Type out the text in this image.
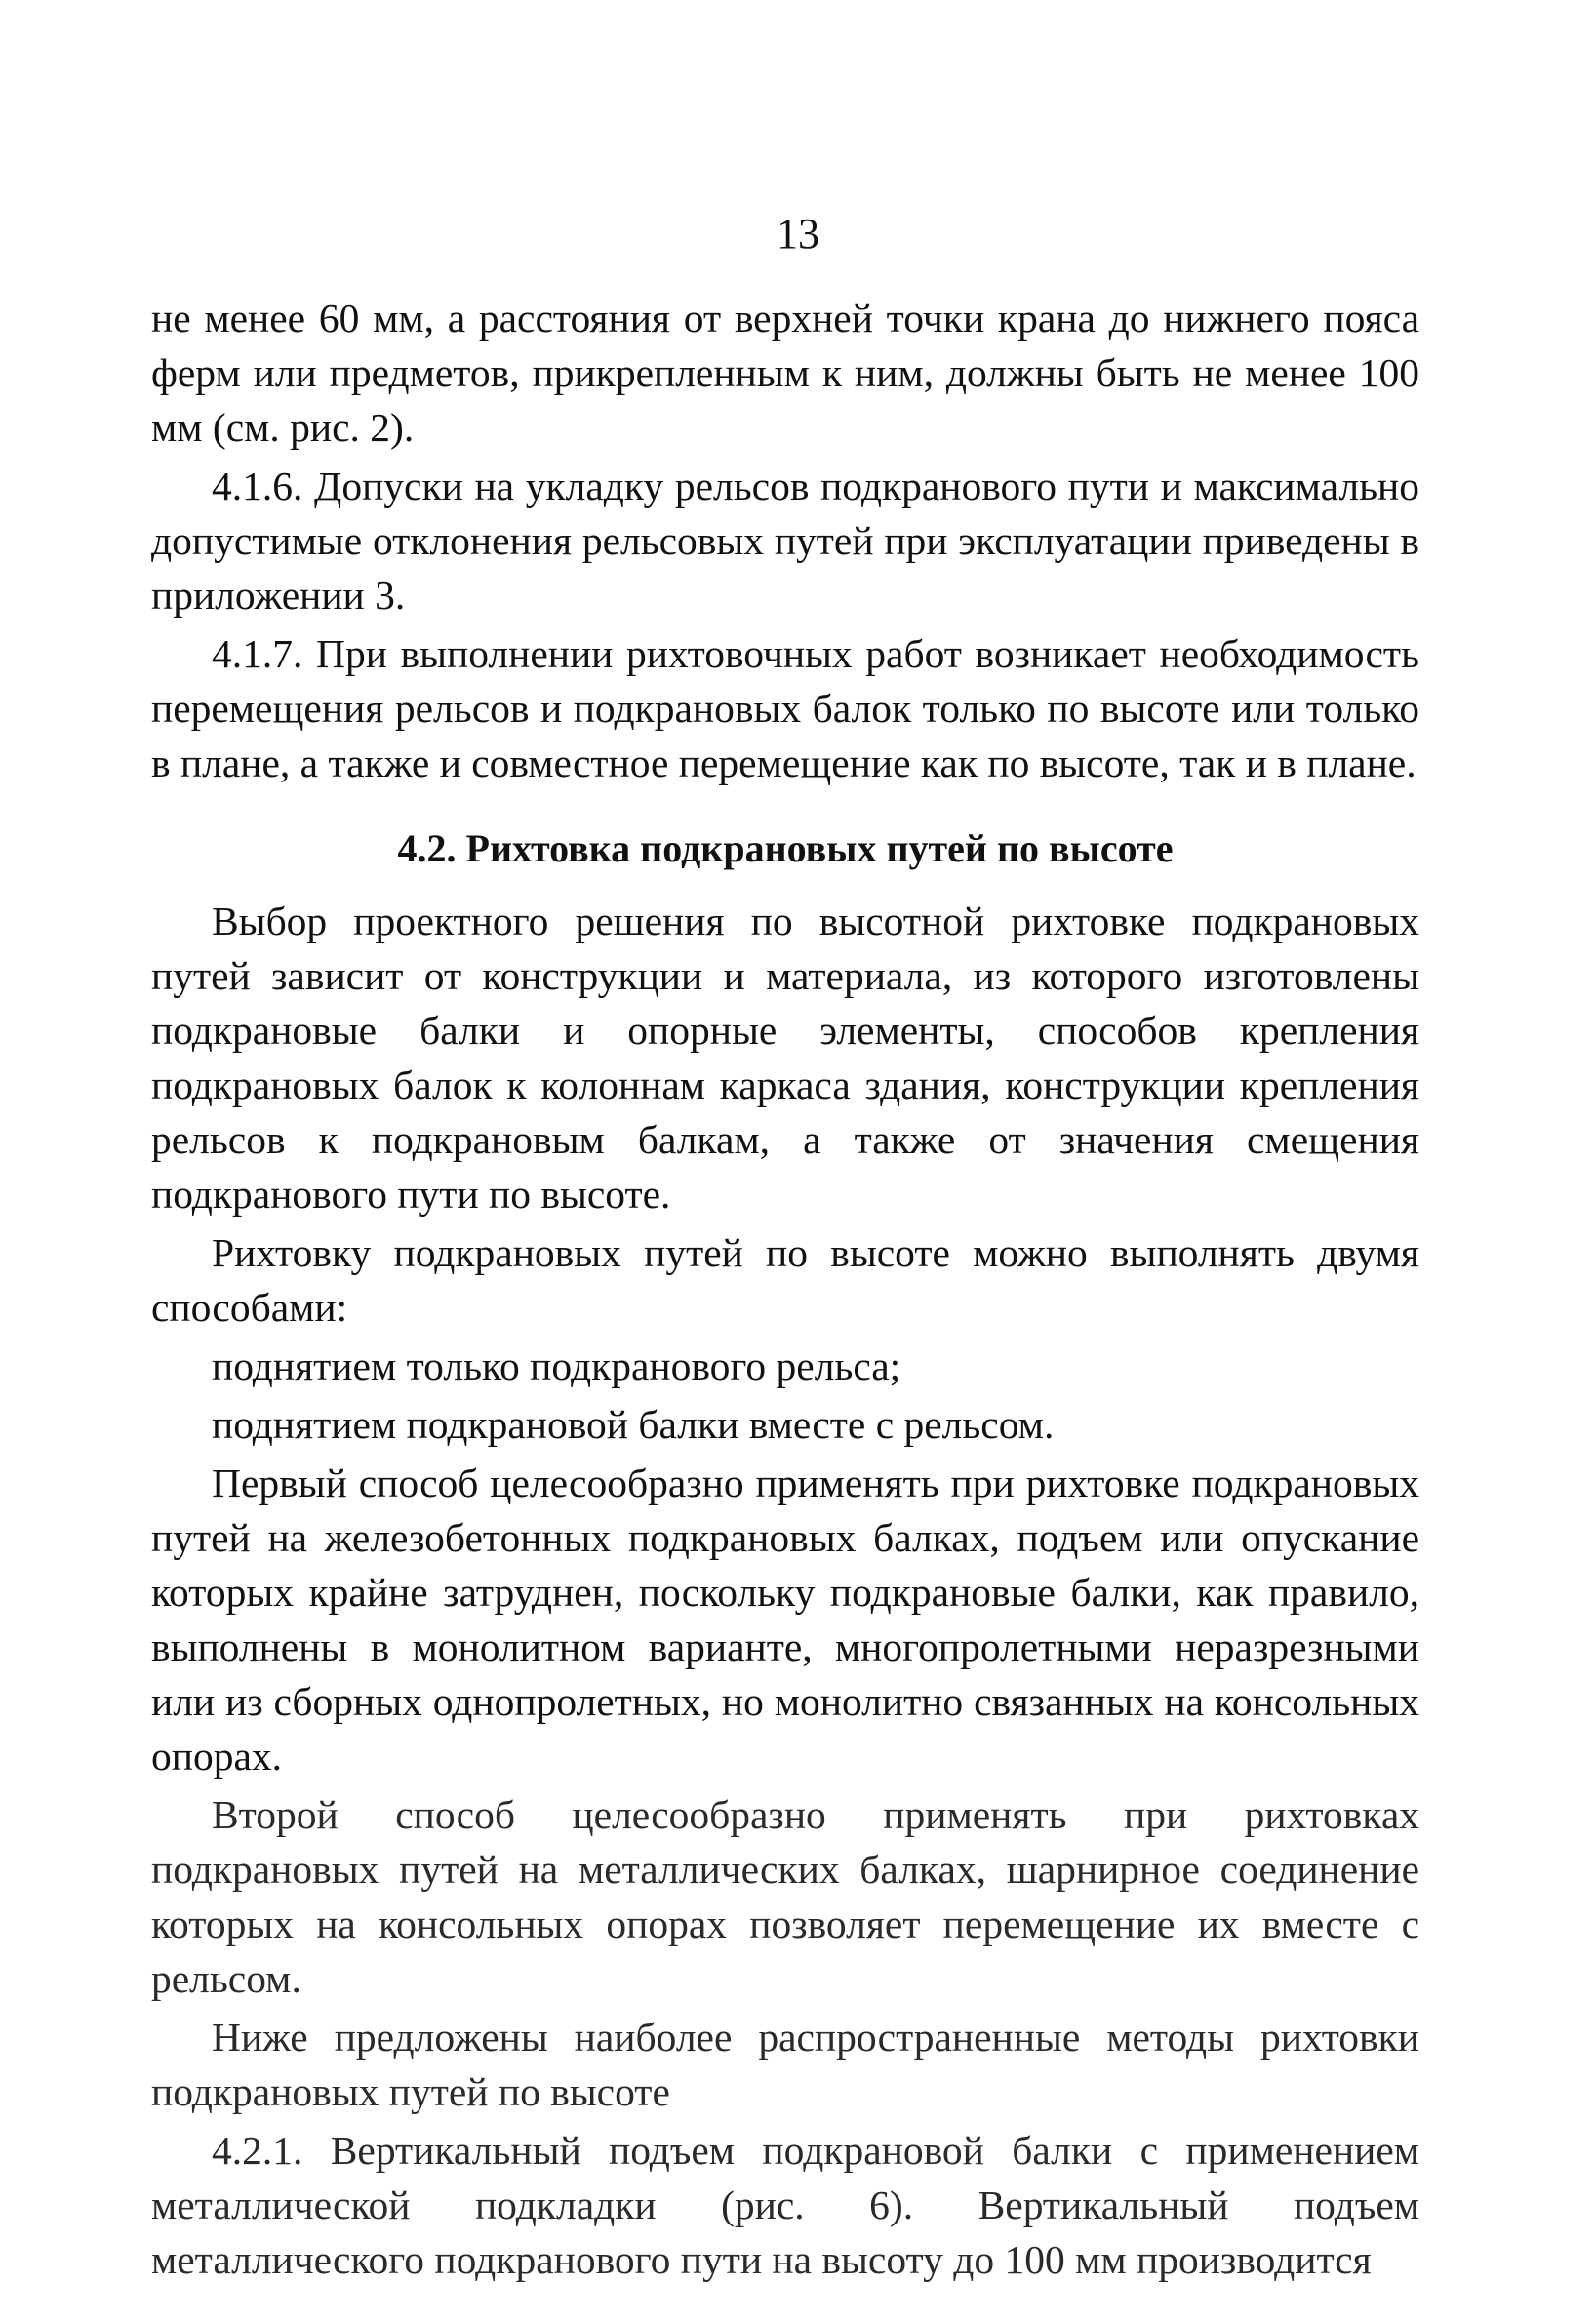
13

не менее 60 мм, а расстояния от верхней точки крана до нижнего пояса ферм или предметов, прикрепленным к ним, должны быть не менее 100 мм (см. рис. 2).

4.1.6. Допуски на укладку рельсов подкранового пути и максимально допустимые отклонения рельсовых путей при эксплуатации приведены в приложении 3.

4.1.7. При выполнении рихтовочных работ возникает необходимость перемещения рельсов и подкрановых балок только по высоте или только в плане, а также и совместное перемещение как по высоте, так и в плане.

4.2. Рихтовка подкрановых путей по высоте

Выбор проектного решения по высотной рихтовке подкрановых путей зависит от конструкции и материала, из которого изготовлены подкрановые балки и опорные элементы, способов крепления подкрановых балок к колоннам каркаса здания, конструкции крепления рельсов к подкрановым балкам, а также от значения смещения подкранового пути по высоте.

Рихтовку подкрановых путей по высоте можно выполнять двумя способами:

поднятием только подкранового рельса;
поднятием подкрановой балки вместе с рельсом.

Первый способ целесообразно применять при рихтовке подкрановых путей на железобетонных подкрановых балках, подъем или опускание которых крайне затруднен, поскольку подкрановые балки, как правило, выполнены в монолитном варианте, многопролетными неразрезными или из сборных однопролетных, но монолитно связанных на консольных опорах.

Второй способ целесообразно применять при рихтовках подкрановых путей на металлических балках, шарнирное соединение которых на консольных опорах позволяет перемещение их вместе с рельсом.

Ниже предложены наиболее распространенные методы рихтовки подкрановых путей по высоте

4.2.1. Вертикальный подъем подкрановой балки с применением металлической подкладки (рис. 6). Вертикальный подъем металлического подкранового пути на высоту до 100 мм производится
